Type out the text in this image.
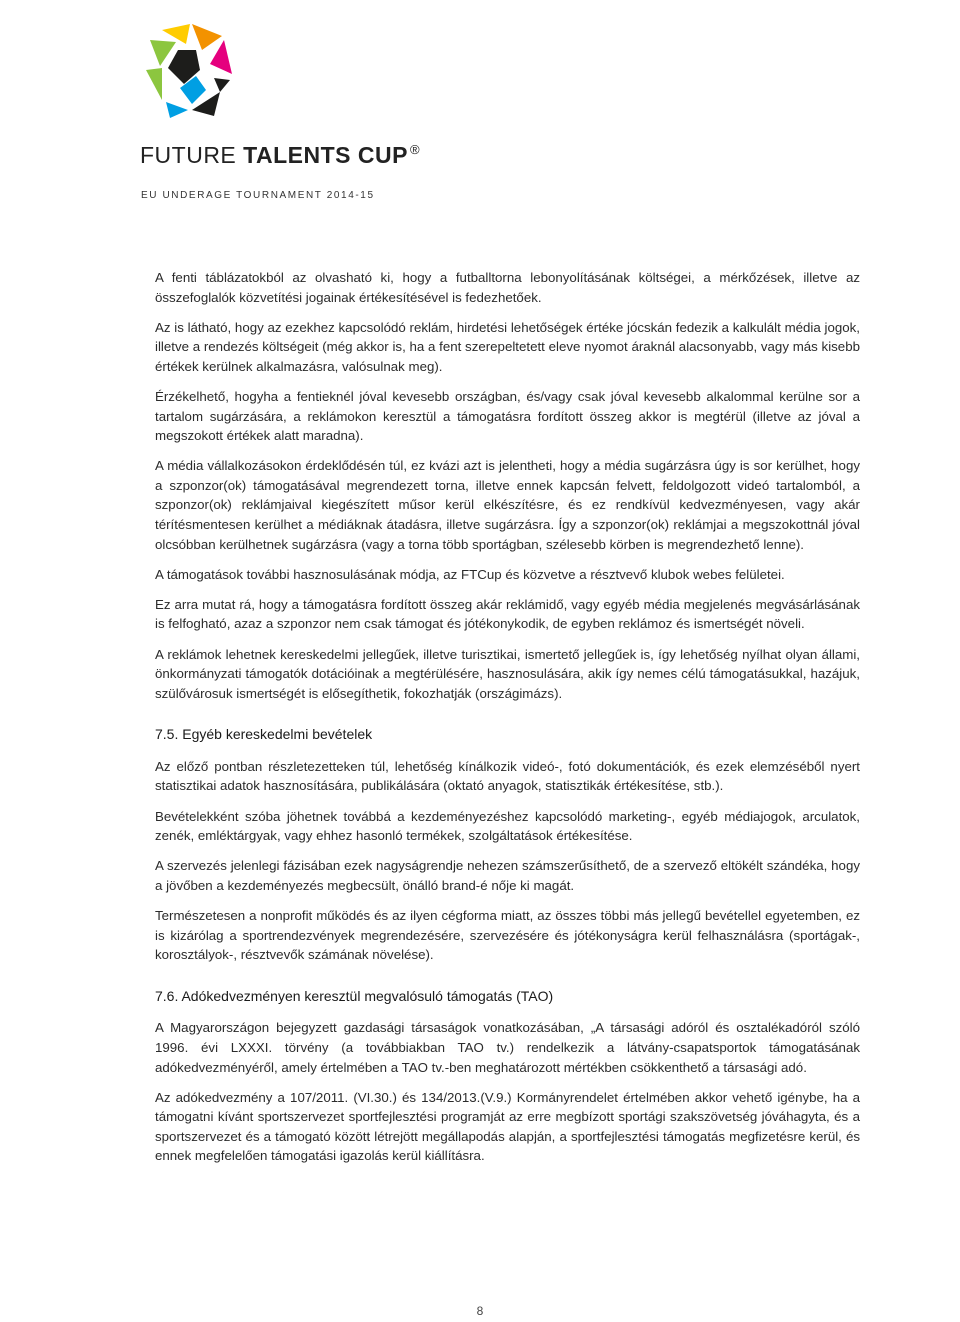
FUTURE TALENTS CUP ®
EU UNDERAGE TOURNAMENT 2014-15

A fenti táblázatokból az olvasható ki, hogy a futballtorna lebonyolításának költségei, a mérkőzések, illetve az összefoglalók közvetítési jogainak értékesítésével is fedezhetőek.

Az is látható, hogy az ezekhez kapcsolódó reklám, hirdetési lehetőségek értéke jócskán fedezik a kalkulált média jogok, illetve a rendezés költségeit (még akkor is, ha a fent szerepeltetett eleve nyomot áraknál alacsonyabb, vagy más kisebb értékek kerülnek alkalmazásra, valósulnak meg).

Érzékelhető, hogyha a fentieknél jóval kevesebb országban, és/vagy csak jóval kevesebb alkalommal kerülne sor a tartalom sugárzására, a reklámokon keresztül a támogatásra fordított összeg akkor is megtérül (illetve az jóval a megszokott értékek alatt maradna).

A média vállalkozásokon érdeklődésén túl, ez kvázi azt is jelentheti, hogy a média sugárzásra úgy is sor kerülhet, hogy a szponzor(ok) támogatásával megrendezett torna, illetve ennek kapcsán felvett, feldolgozott videó tartalomból, a szponzor(ok) reklámjaival kiegészített műsor kerül elkészítésre, és ez rendkívül kedvezményesen, vagy akár térítésmentesen kerülhet a médiáknak átadásra, illetve sugárzásra. Így a szponzor(ok) reklámjai a megszokottnál jóval olcsóbban kerülhetnek sugárzásra (vagy a torna több sportágban, szélesebb körben is megrendezhető lenne).

A támogatások további hasznosulásának módja, az FTCup és közvetve a résztvevő klubok webes felületei.

Ez arra mutat rá, hogy a támogatásra fordított összeg akár reklámidő, vagy egyéb média megjelenés megvásárlásának is felfogható, azaz a szponzor nem csak támogat és jótékonykodik, de egyben reklámoz és ismertségét növeli.

A reklámok lehetnek kereskedelmi jellegűek, illetve turisztikai, ismertető jellegűek is, így lehetőség nyílhat olyan állami, önkormányzati támogatók dotációinak a megtérülésére, hasznosulására, akik így nemes célú támogatásukkal, hazájuk, szülővárosuk ismertségét is elősegíthetik, fokozhatják (országimázs).

7.5. Egyéb kereskedelmi bevételek

Az előző pontban részletezetteken túl, lehetőség kínálkozik videó-, fotó dokumentációk, és ezek elemzéséből nyert statisztikai adatok hasznosítására, publikálására (oktató anyagok, statisztikák értékesítése, stb.).

Bevételekként szóba jöhetnek továbbá a kezdeményezéshez kapcsolódó marketing-, egyéb médiajogok, arculatok, zenék, emléktárgyak, vagy ehhez hasonló termékek, szolgáltatások értékesítése.

A szervezés jelenlegi fázisában ezek nagyságrendje nehezen számszerűsíthető, de a szervező eltökélt szándéka, hogy a jövőben a kezdeményezés megbecsült, önálló brand-é nője ki magát.

Természetesen a nonprofit működés és az ilyen cégforma miatt, az összes többi más jellegű bevétellel egyetemben, ez is kizárólag a sportrendezvények megrendezésére, szervezésére és jótékonyságra kerül felhasználásra (sportágak-, korosztályok-, résztvevők számának növelése).

7.6. Adókedvezményen keresztül megvalósuló támogatás (TAO)

A Magyarországon bejegyzett gazdasági társaságok vonatkozásában, „A társasági adóról és osztalékadóról szóló 1996. évi LXXXI. törvény (a továbbiakban TAO tv.) rendelkezik a látvány-csapatsportok támogatásának adókedvezményéről, amely értelmében a TAO tv.-ben meghatározott mértékben csökkenthető a társasági adó.

Az adókedvezmény a 107/2011. (VI.30.) és 134/2013.(V.9.) Kormányrendelet értelmében akkor vehető igénybe, ha a támogatni kívánt sportszervezet sportfejlesztési programját az erre megbízott sportági szakszövetség jóváhagyta, és a sportszervezet és a támogató között létrejött megállapodás alapján, a sportfejlesztési támogatás megfizetésre kerül, és ennek megfelelően támogatási igazolás kerül kiállításra.

8
